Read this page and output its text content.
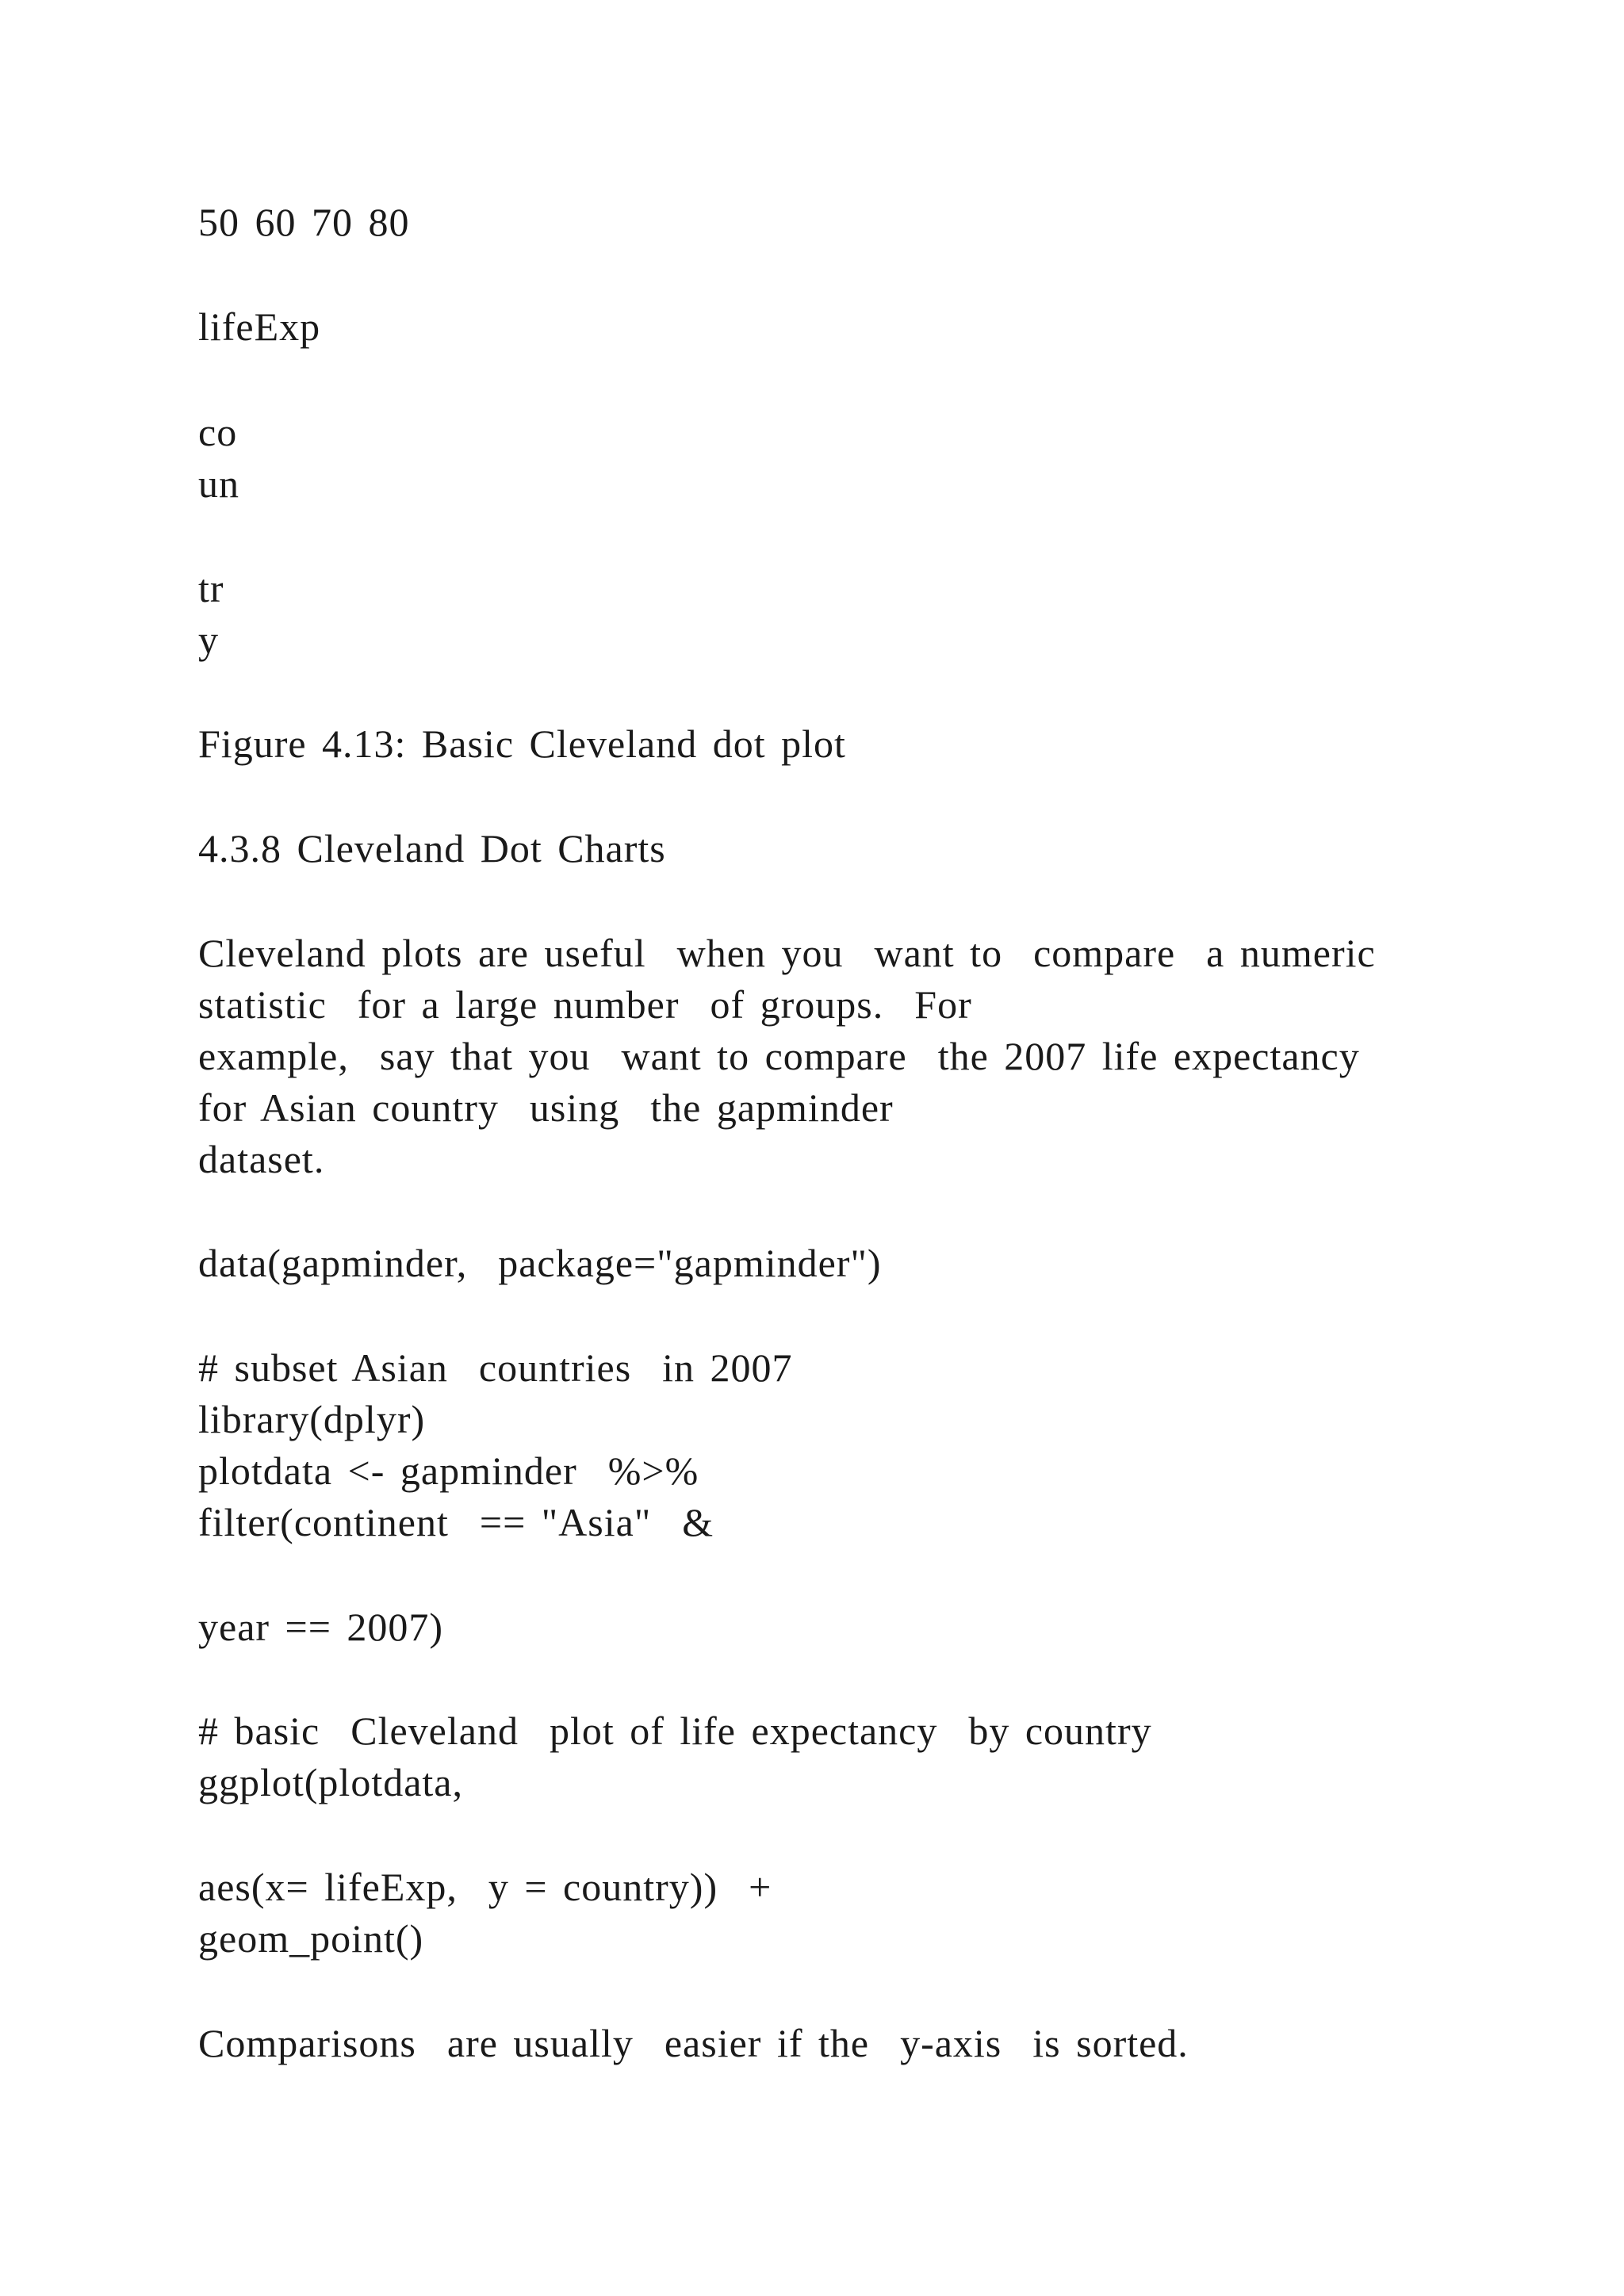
50 60 70 80
lifeExp
co
un
tr
y
Figure 4.13: Basic Cleveland dot plot
4.3.8 Cleveland Dot Charts
Cleveland plots are useful  when you  want to  compare  a numeric
statistic  for a large number  of groups.  For
example,  say that you  want to compare  the 2007 life expectancy
for Asian country  using  the gapminder
dataset.
data(gapminder,  package="gapminder")
# subset Asian  countries  in 2007
library(dplyr)
plotdata <- gapminder  %>%
filter(continent  == "Asia"  &
year == 2007)
# basic  Cleveland  plot of life expectancy  by country
ggplot(plotdata,
aes(x= lifeExp,  y = country))  +
geom_point()
Comparisons  are usually  easier if the  y-axis  is sorted.
